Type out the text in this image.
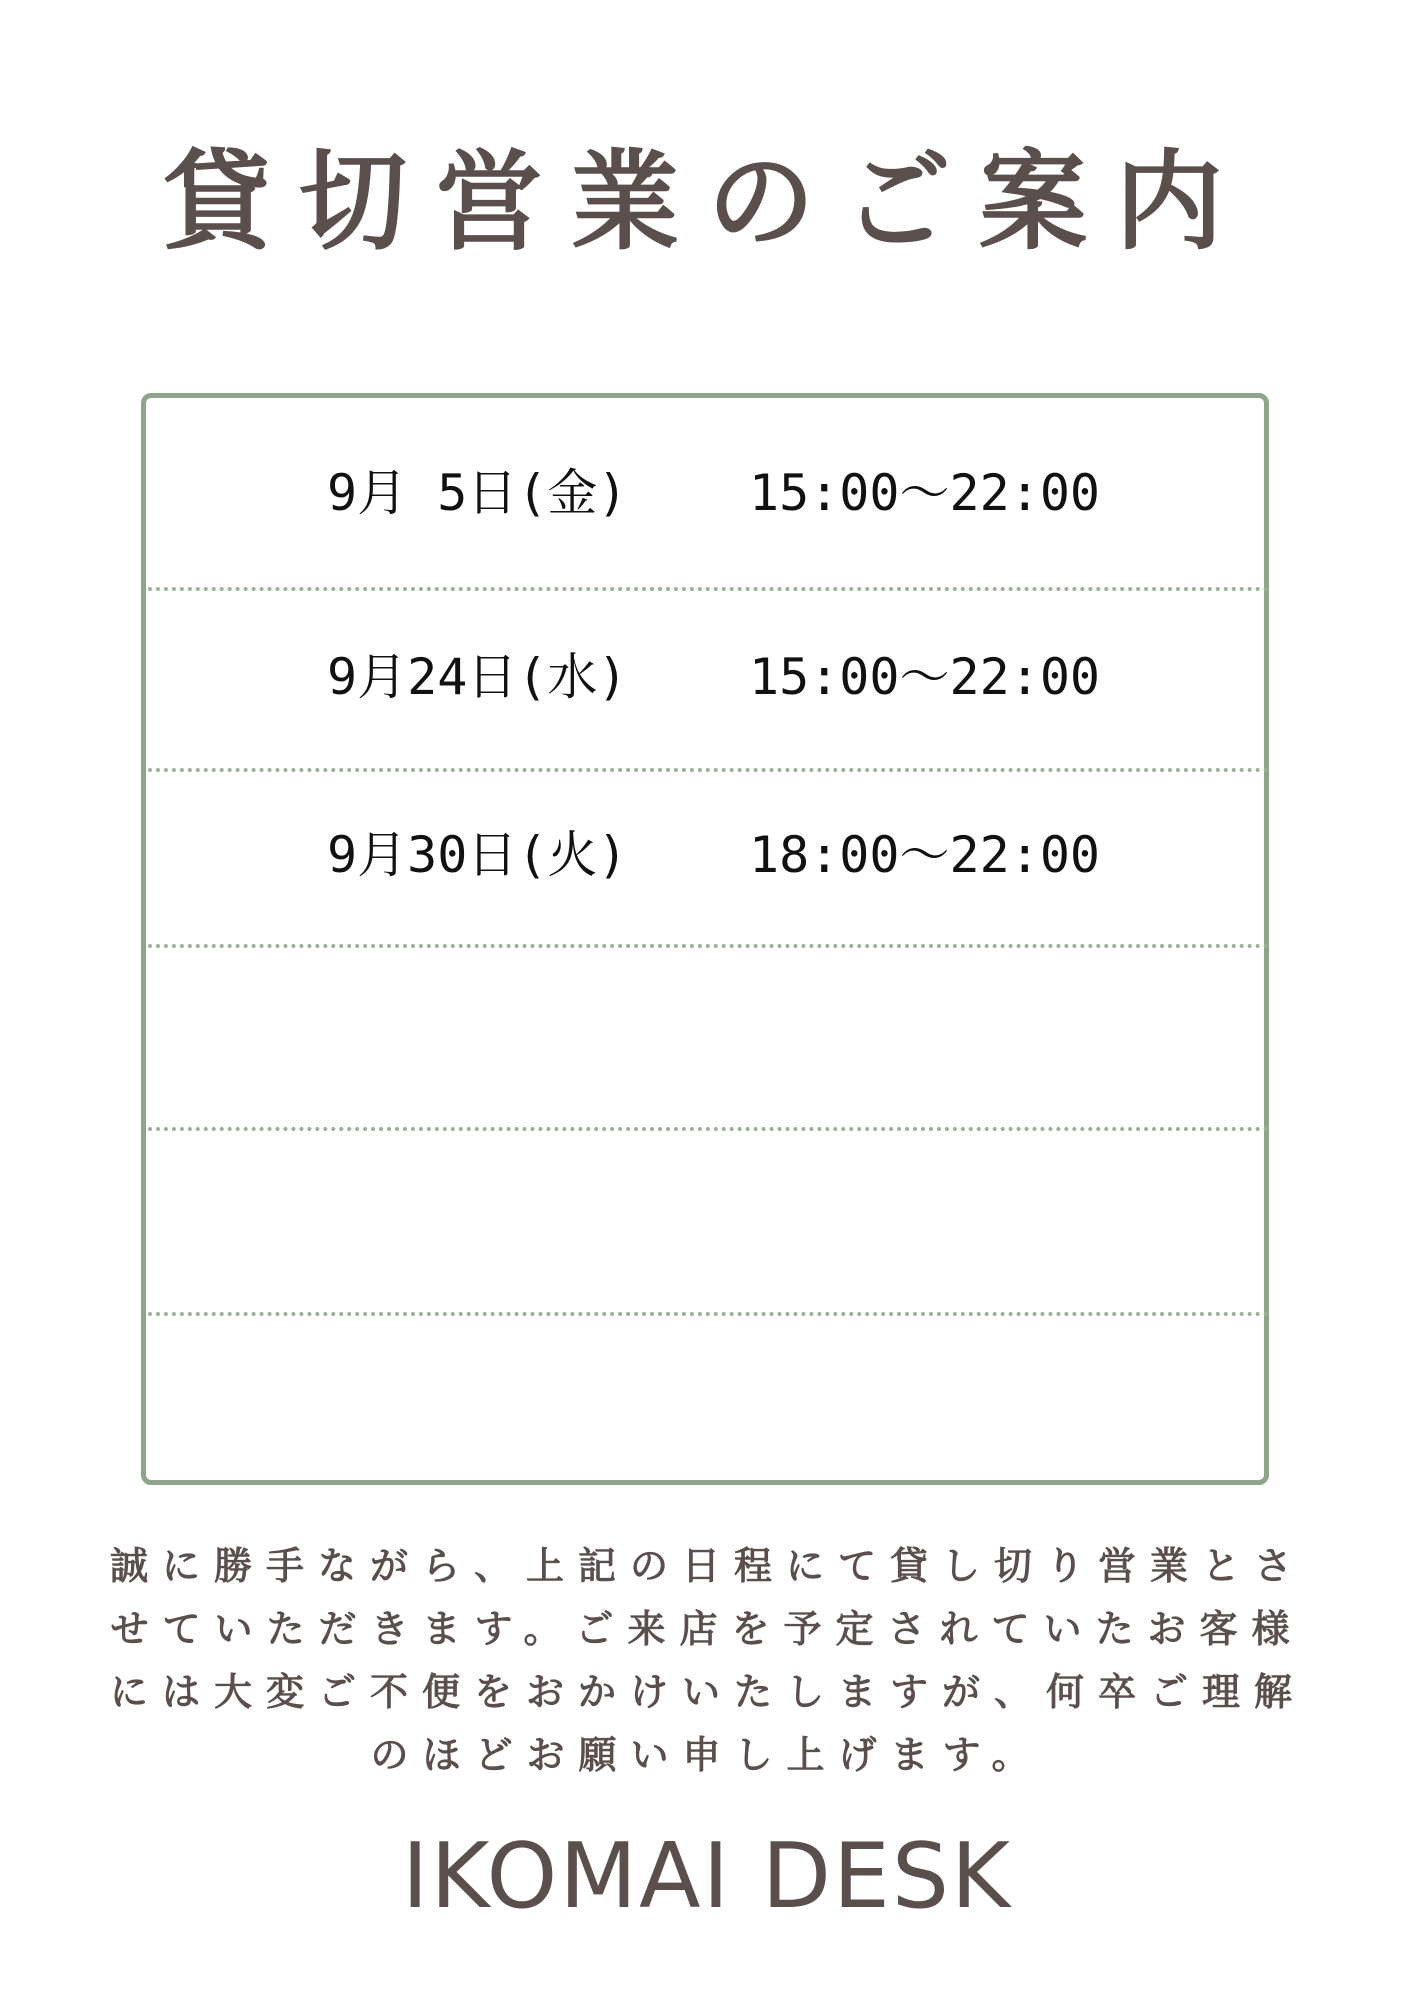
貸切営業のご案内
9月 5日(金) 15:00〜22:00
9月24日(水) 15:00〜22:00
9月30日(火) 18:00〜22:00
誠に勝手ながら、上記の日程にて貸し切り営業とさ
せていただきます。ご来店を予定されていたお客様
には大変ご不便をおかけいたしますが、何卒ご理解
のほどお願い申し上げます。
IKOMAI DESK
